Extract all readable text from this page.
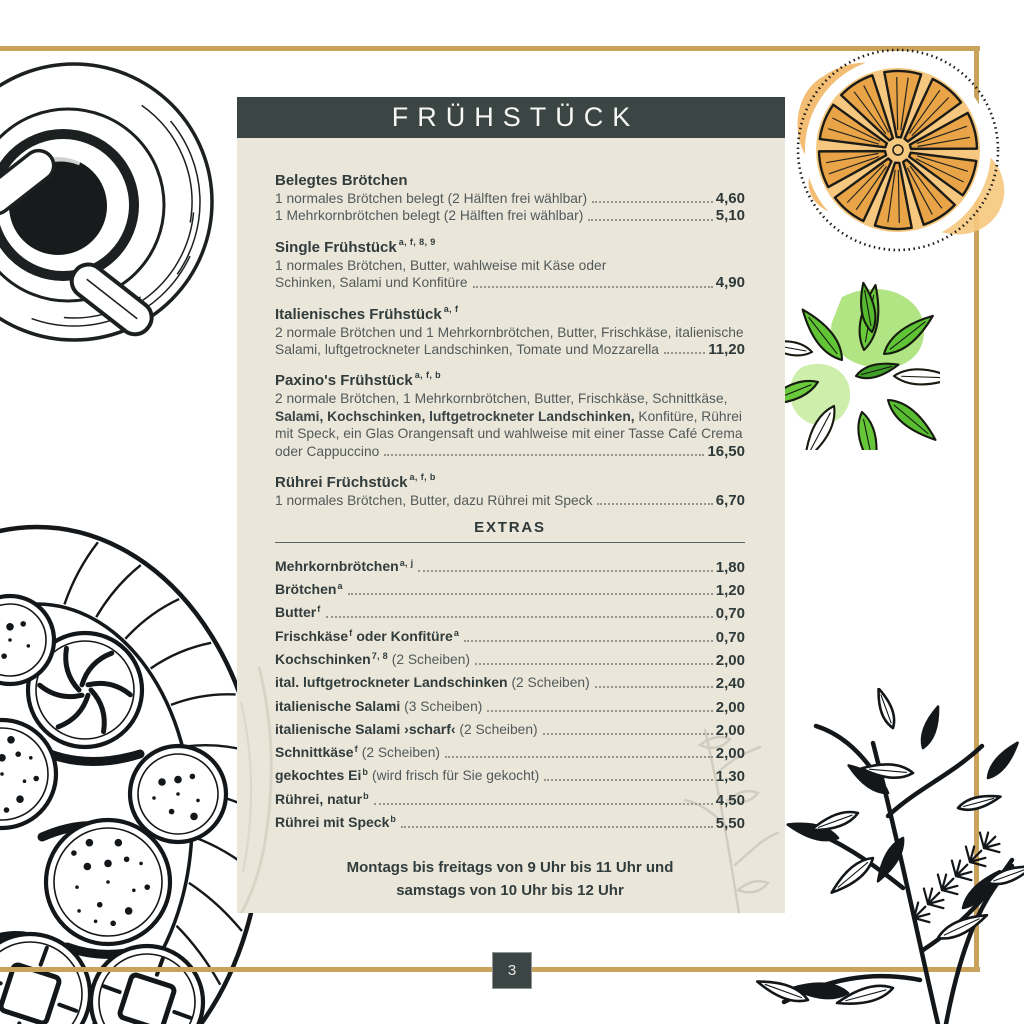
FRÜHSTÜCK
Belegtes Brötchen
1 normales Brötchen belegt (2 Hälften frei wählbar)	4,60
1 Mehrkornbrötchen belegt (2 Hälften frei wählbar)	5,10
Single Frühstück $^{a, f, 8, 9}$
1 normales Brötchen, Butter, wahlweise mit Käse oder
Schinken, Salami und Konfitüre	4,90
Italienisches Frühstück $^{a, f}$
2 normale Brötchen und 1 Mehrkornbrötchen, Butter, Frischkäse, italienische
Salami, luftgetrockneter Landschinken, Tomate und Mozzarella	11,20
Paxino's Frühstück $^{a, f, b}$
2 normale Brötchen, 1 Mehrkornbrötchen, Butter, Frischkäse, Schnittkäse,
Salami, Kochschinken, luftgetrockneter Landschinken, Konfitüre, Rührei
mit Speck, ein Glas Orangensaft und wahlweise mit einer Tasse Café Crema
oder Cappuccino	16,50
Rührei Früchstück $^{a, f, b}$
1 normales Brötchen, Butter, dazu Rührei mit Speck	6,70
EXTRAS
Mehrkornbrötchen$^{a, j}$	1,80
Brötchen$^a$	1,20
Butter$^f$	0,70
Frischkäse$^f$ oder Konfitüre$^a$	0,70
Kochschinken$^{7, 8}$ (2 Scheiben)	2,00
ital. luftgetrockneter Landschinken (2 Scheiben)	2,40
italienische Salami (3 Scheiben)	2,00
italienische Salami ›scharf‹ (2 Scheiben)	2,00
Schnittkäse$^f$ (2 Scheiben)	2,00
gekochtes Ei$^b$ (wird frisch für Sie gekocht)	1,30
Rührei, natur$^b$	4,50
Rührei mit Speck$^b$	5,50
Montags bis freitags von 9 Uhr bis 11 Uhr und
samstags von 10 Uhr bis 12 Uhr
3
